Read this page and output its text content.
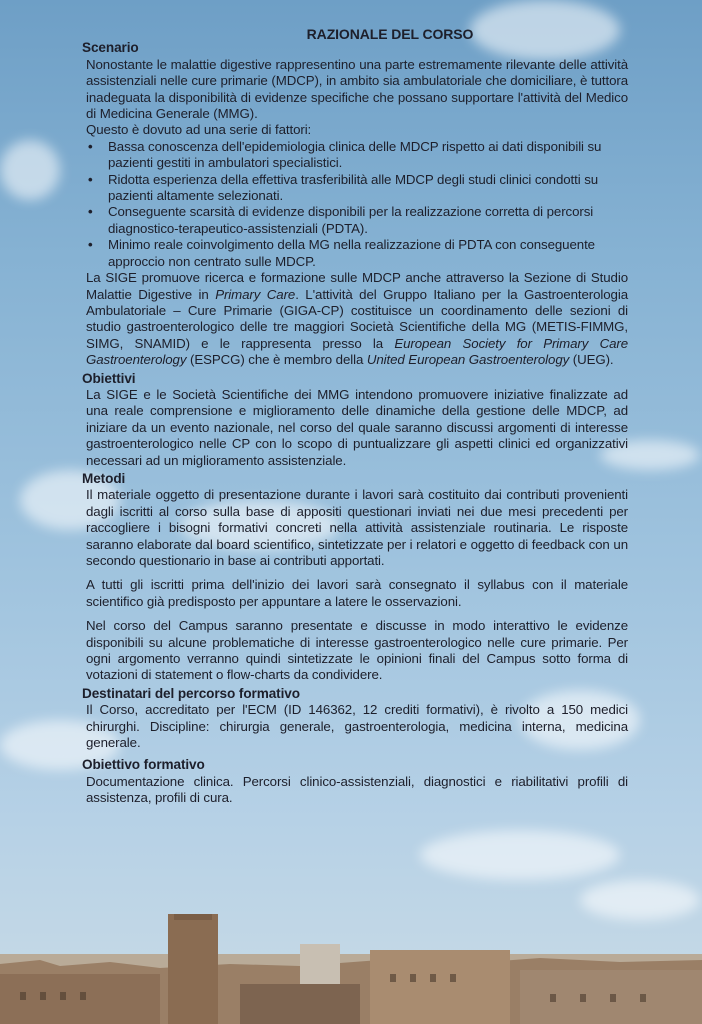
RAZIONALE DEL CORSO
Scenario

Nonostante le malattie digestive rappresentino una parte estremamente rilevante delle attività assistenziali nelle cure primarie (MDCP), in ambito sia ambulatoriale che domiciliare, è tuttora inadeguata la disponibilità di evidenze specifiche che possano supportare l'attività del Medico di Medicina Generale (MMG).

Questo è dovuto ad una serie di fattori:

• Bassa conoscenza dell'epidemiologia clinica delle MDCP rispetto ai dati disponibili su pazienti gestiti in ambulatori specialistici.
• Ridotta esperienza della effettiva trasferibilità alle MDCP degli studi clinici condotti su pazienti altamente selezionati.
• Conseguente scarsità di evidenze disponibili per la realizzazione corretta di percorsi diagnostico-terapeutico-assistenziali (PDTA).
• Minimo reale coinvolgimento della MG nella realizzazione di PDTA con conseguente approccio non centrato sulle MDCP.

La SIGE promuove ricerca e formazione sulle MDCP anche attraverso la Sezione di Studio Malattie Digestive in Primary Care. L'attività del Gruppo Italiano per la Gastroenterologia Ambulatoriale – Cure Primarie (GIGA-CP) costituisce un coordinamento delle sezioni di studio gastroenterologico delle tre maggiori Società Scientifiche della MG (METIS-FIMMG, SIMG, SNAMID) e le rappresenta presso la European Society for Primary Care Gastroenterology (ESPCG) che è membro della United European Gastroenterology (UEG).

Obiettivi

La SIGE e le Società Scientifiche dei MMG intendono promuovere iniziative finalizzate ad una reale comprensione e miglioramento delle dinamiche della gestione delle MDCP, ad iniziare da un evento nazionale, nel corso del quale saranno discussi argomenti di interesse gastroenterologico nelle CP con lo scopo di puntualizzare gli aspetti clinici ed organizzativi necessari ad un miglioramento assistenziale.

Metodi

Il materiale oggetto di presentazione durante i lavori sarà costituito dai contributi provenienti dagli iscritti al corso sulla base di appositi questionari inviati nei due mesi precedenti per raccogliere i bisogni formativi concreti nella attività assistenziale routinaria. Le risposte saranno elaborate dal board scientifico, sintetizzate per i relatori e oggetto di feedback con un secondo questionario in base ai contributi apportati.

A tutti gli iscritti prima dell'inizio dei lavori sarà consegnato il syllabus con il materiale scientifico già predisposto per appuntare a latere le osservazioni.

Nel corso del Campus saranno presentate e discusse in modo interattivo le evidenze disponibili su alcune problematiche di interesse gastroenterologico nelle cure primarie. Per ogni argomento verranno quindi sintetizzate le opinioni finali del Campus sotto forma di votazioni di statement o flow-charts da condividere.

Destinatari del percorso formativo

Il Corso, accreditato per l'ECM (ID 146362, 12 crediti formativi), è rivolto a 150 medici chirurghi. Discipline: chirurgia generale, gastroenterologia, medicina interna, medicina generale.

Obiettivo formativo

Documentazione clinica. Percorsi clinico-assistenziali, diagnostici e riabilitativi profili di assistenza, profili di cura.
